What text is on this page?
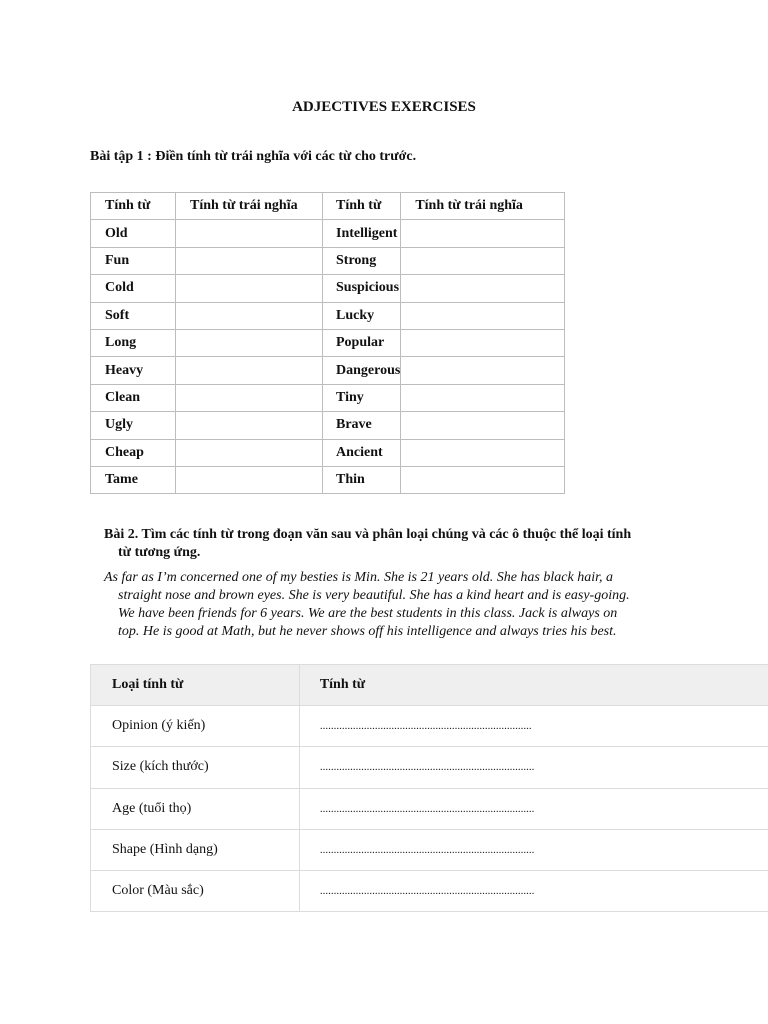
ADJECTIVES EXERCISES
Bài tập 1 : Điền tính từ trái nghĩa với các từ cho trước.
Tính từ	Tính từ trái nghĩa	Tính từ	Tính từ trái nghĩa
Old		Intelligent	
Fun		Strong	
Cold		Suspicious	
Soft		Lucky	
Long		Popular	
Heavy		Dangerous	
Clean		Tiny	
Ugly		Brave	
Cheap		Ancient	
Tame		Thin	
Bài 2. Tìm các tính từ trong đoạn văn sau và phân loại chúng và các ô thuộc thể loại tính
từ tương ứng.
As far as I’m concerned one of my besties is Min. She is 21 years old. She has black hair, a
straight nose and brown eyes. She is very beautiful. She has a kind heart and is easy-going.
We have been friends for 6 years. We are the best students in this class. Jack is always on
top. He is good at Math, but he never shows off his intelligence and always tries his best.
Loại tính từ	Tính từ
Opinion (ý kiến)	.............................................................................
Size (kích thước)	..............................................................................
Age (tuổi thọ)	..............................................................................
Shape (Hình dạng)	..............................................................................
Color (Màu sắc)	..............................................................................
